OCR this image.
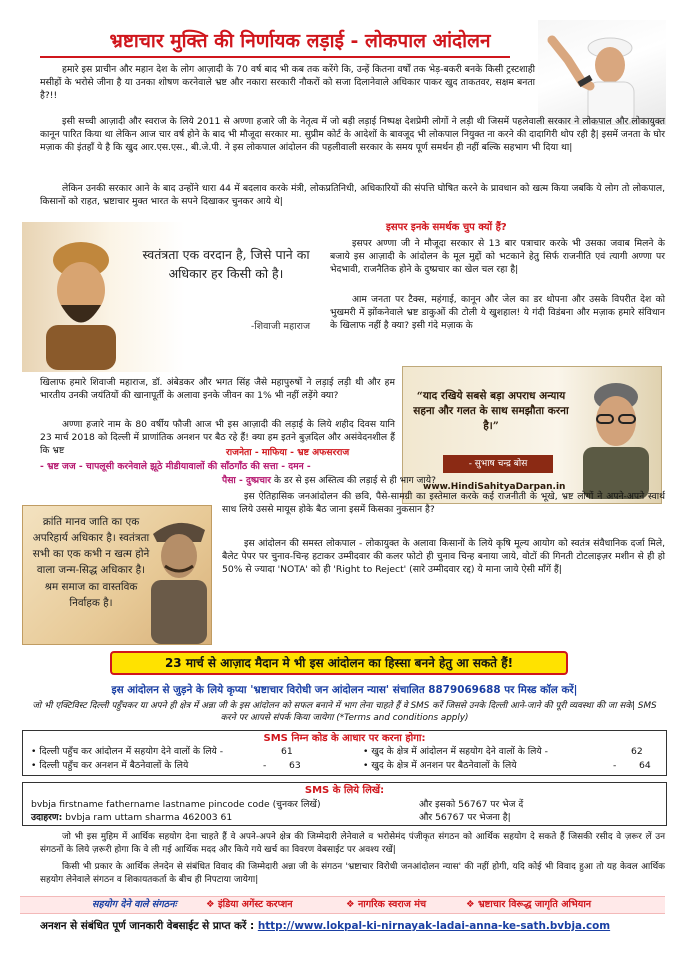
भ्रष्टाचार मुक्ति की निर्णायक लड़ाई - लोकपाल आंदोलन
हमारे इस प्राचीन और महान देश के लोग आज़ादी के 70 वर्ष बाद भी कब तक करेंगे कि, उन्हें कितना वर्षों तक भेड़-बकरी बनके किसी ट्रस्टशाही मसीहों के भरोसे जीना है या उनका शोषण करनेवाले भ्रष्ट और नकारा सरकारी नौकरों को सजा दिलानेवाले अधिकार पाकर खुद ताकतवर, सक्षम बनता है?!!
इसी सच्ची आज़ादी और स्वराज के लिये 2011 से अण्णा हजारे जी के नेतृत्व में जो बड़ी लड़ाई निष्पक्ष देशप्रेमी लोगों ने लड़ी थी जिसमें पहलेवाली सरकार ने लोकपाल और लोकायुक्त कानून पारित किया था लेकिन आज चार वर्ष होने के बाद भी मौजूदा सरकार मा. सुप्रीम कोर्ट के आदेशों के बावजूद भी लोकपाल नियुक्त ना करने की दादागिरी थोप रही है| इसमें जनता के घोर मज़ाक की इंतहाँ ये है कि खुद आर.एस.एस., बी.जे.पी. ने इस लोकपाल आंदोलन की पहलीवाली सरकार के समय पूर्ण समर्थन ही नहीं बल्कि सहभाग भी दिया था|
लेकिन उनकी सरकार आने के बाद उन्होंने धारा 44 में बदलाव करके मंत्री, लोकप्रतिनिधी, अधिकारियों की संपत्ति घोषित करने के प्रावधान को खत्म किया जबकि ये लोग तो लोकपाल, किसानों को राहत, भ्रष्टाचार मुक्त भारत के सपने दिखाकर चुनकर आये थे|
स्वतंत्रता एक वरदान है, जिसे पाने का अधिकार हर किसी को है।
-शिवाजी महाराज
इसपर इनके समर्थक चुप क्यों हैं?
इसपर अण्णा जी ने मौजूदा सरकार से 13 बार पत्राचार करके भी उसका जवाब मिलने के बजाये इस आज़ादी के आंदोलन के मूल मुद्दों को भटकाने हेतु सिर्फ राजनीति एवं त्यागी अण्णा पर भेदभावी, राजनैतिक होने के दुष्प्रचार का खेल चल रहा है|
आम जनता पर टैक्स, महंगाई, कानून और जेल का डर थोपना और उसके विपरीत देश को भुखमरी में झोंकनेवाले भ्रष्ट डाकुओं की टोली ये खुशहाल! ये गंदी विडंबना और मज़ाक हमारे संविधान के खिलाफ नहीं है क्या? इसी गंदे मज़ाक के
खिलाफ हमारे शिवाजी महाराज, डॉ. अंबेडकर और भगत सिंह जैसे महापुरुषों ने लड़ाई लड़ी थी और हम भारतीय उनकी जयंतियों की खानापूर्ती के अलावा इनके जीवन का 1% भी नहीं लड़ेंगे क्या?	“याद रखिये सबसे बड़ा अपराध अन्याय सहना और गलत के साथ समझौता करना है।”
- सुभाष चन्द्र बोस
www.HindiSahityaDarpan.in
अण्णा हजारे नाम के 80 वर्षीय फौजी आज भी इस आज़ादी की लड़ाई के लिये शहीद दिवस यानि 23 मार्च 2018 को दिल्ली में प्राणांतिक अनशन पर बैठ रहे हैं! क्या हम इतने बुज़दिल और असंवेदनशील हैं कि भ्रष्ट	राजनेता - माफिया - भ्रष्ट अफसरराज
- भ्रष्ट जज - चापलूसी करनेवाले झूठे मीडीयावालों की साँठगाँठ की सत्ता - दमन -
पैसा - दुष्प्रचार के डर से इस अस्तित्व की लड़ाई से ही भाग जाये?
इस ऐतिहासिक जनआंदोलन की छवि, पैसे-सामग्री का इस्तेमाल करके कई राजनीती के भूखे, भ्रष्ट लोगों ने अपने-अपने स्वार्थ साध लिये उससे मायूस होके बैठ जाना इसमें किसका नुकसान है?
इस आंदोलन की समस्त लोकपाल - लोकायुक्त के अलावा किसानों के लिये कृषि मूल्य आयोग को स्वतंत्र संवैधानिक दर्जा मिले, बैलेट पेपर पर चुनाव-चिन्ह हटाकर उम्मीदवार की कलर फोटो ही चुनाव चिन्ह बनाया जाये, वोटों की गिनती टोटलाइज़र मशीन से ही हो 50% से ज्यादा 'NOTA' को ही 'Right to Reject' (सारे उम्मीदवार रद्द) ये माना जाये ऐसी माँगें हैं|
क्रांति मानव जाति का एक अपरिहार्य अधिकार है। स्वतंत्रता सभी का एक कभी न खत्म होने वाला जन्म-सिद्ध अधिकार है। श्रम समाज का वास्तविक निर्वाहक है।
23 मार्च से आज़ाद मैदान मे भी इस आंदोलन का हिस्सा बनने हेतु आ सकते हैं!
इस आंदोलन से जुड़ने के लिये कृप्या 'भ्रष्टाचार विरोधी जन आंदोलन न्यास' संचालित 8879069688 पर मिस्ड कॉल करें|
जो भी एक्टिविस्ट दिल्ली पहुँचकर या अपने ही क्षेत्र में अन्ना जी के इस आंदोलन को सफल बनाने में भाग लेना चाहते हैं वे SMS करें जिससे उनके दिल्ली आने-जाने की पूरी व्यवस्था की जा सके| SMS करने पर आपसे संपर्क किया जायेगा (*Terms and conditions apply)
SMS निम्न कोड के आधार पर करना होगा:
• दिल्ली पहुँच कर आंदोलन में सहयोग देने वालों के लिये -	61
• दिल्ली पहुँच कर अनशन में बैठनेवालों के लिये	- 63
• खुद के क्षेत्र में आंदोलन में सहयोग देने वालों के लिये -	62
• खुद के क्षेत्र में अनशन पर बैठनेवालों के लिये	- 64
SMS के लिये लिखें:
bvbja firstname fathername lastname pincode code (चुनकर लिखें)	और इसको 56767 पर भेज दें
उदाहरण: bvbja ram uttam sharma 462003 61	और 56767 पर भेजना है|
जो भी इस मुहिम में आर्थिक सहयोग देना चाहते हैं वे अपने-अपने क्षेत्र की जिम्मेदारी लेनेवाले व भरोसेमंद पंजीकृत संगठन को आर्थिक सहयोग दे सकते हैं जिसकी रसीद वे ज़रूर लें उन संगठनों के लिये ज़रूरी होगा कि वे ली गई आर्थिक मदद और किये गये खर्च का विवरण वेबसाईट पर अवश्य रखें|
किसी भी प्रकार के आर्थिक लेनदेन से संबंधित विवाद की जिम्मेदारी अन्ना जी के संगठन 'भ्रष्टाचार विरोधी जनआंदोलन न्यास' की नहीं होगी, यदि कोई भी विवाद हुआ तो यह केवल आर्थिक सहयोग लेनेवाले संगठन व शिकायतकर्ता के बीच ही निपटाया जायेगा|
सहयोग देने वाले संगठनः	❖ इंडिया अगेंस्ट करप्शन	❖ नागरिक स्वराज मंच	❖ भ्रष्टाचार विरूद्ध जागृति अभियान
अनशन से संबंधित पूर्ण जानकारी वेबसाईट से प्राप्त करें : http://www.lokpal-ki-nirnayak-ladai-anna-ke-sath.bvbja.com
